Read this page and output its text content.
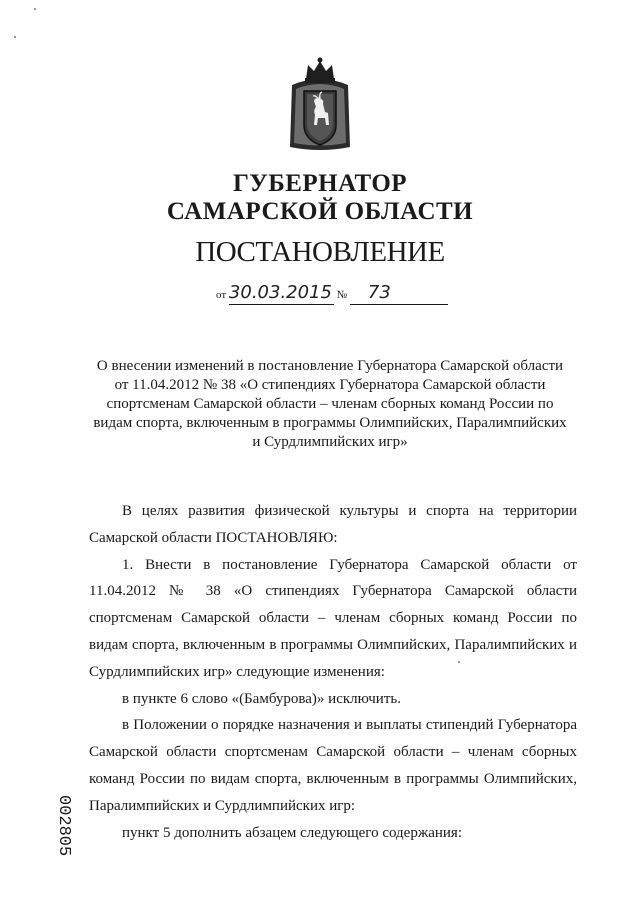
ГУБЕРНАТОР
САМАРСКОЙ ОБЛАСТИ
ПОСТАНОВЛЕНИЕ
от 30.03.2015 № 73
О внесении изменений в постановление Губернатора Самарской области
от 11.04.2012 № 38 «О стипендиях Губернатора Самарской области
спортсменам Самарской области – членам сборных команд России по
видам спорта, включенным в программы Олимпийских, Паралимпийских
и Сурдлимпийских игр»

В целях развития физической культуры и спорта на территории Самарской области ПОСТАНОВЛЯЮ:

1. Внести в постановление Губернатора Самарской области от 11.04.2012 № 38 «О стипендиях Губернатора Самарской области спортсменам Самарской области – членам сборных команд России по видам спорта, включенным в программы Олимпийских, Паралимпийских и Сурдлимпийских игр» следующие изменения:

в пункте 6 слово «(Бамбурова)» исключить.

в Положении о порядке назначения и выплаты стипендий Губернатора Самарской области спортсменам Самарской области – членам сборных команд России по видам спорта, включенным в программы Олимпийских, Паралимпийских и Сурдлимпийских игр:

пункт 5 дополнить абзацем следующего содержания:

002805
